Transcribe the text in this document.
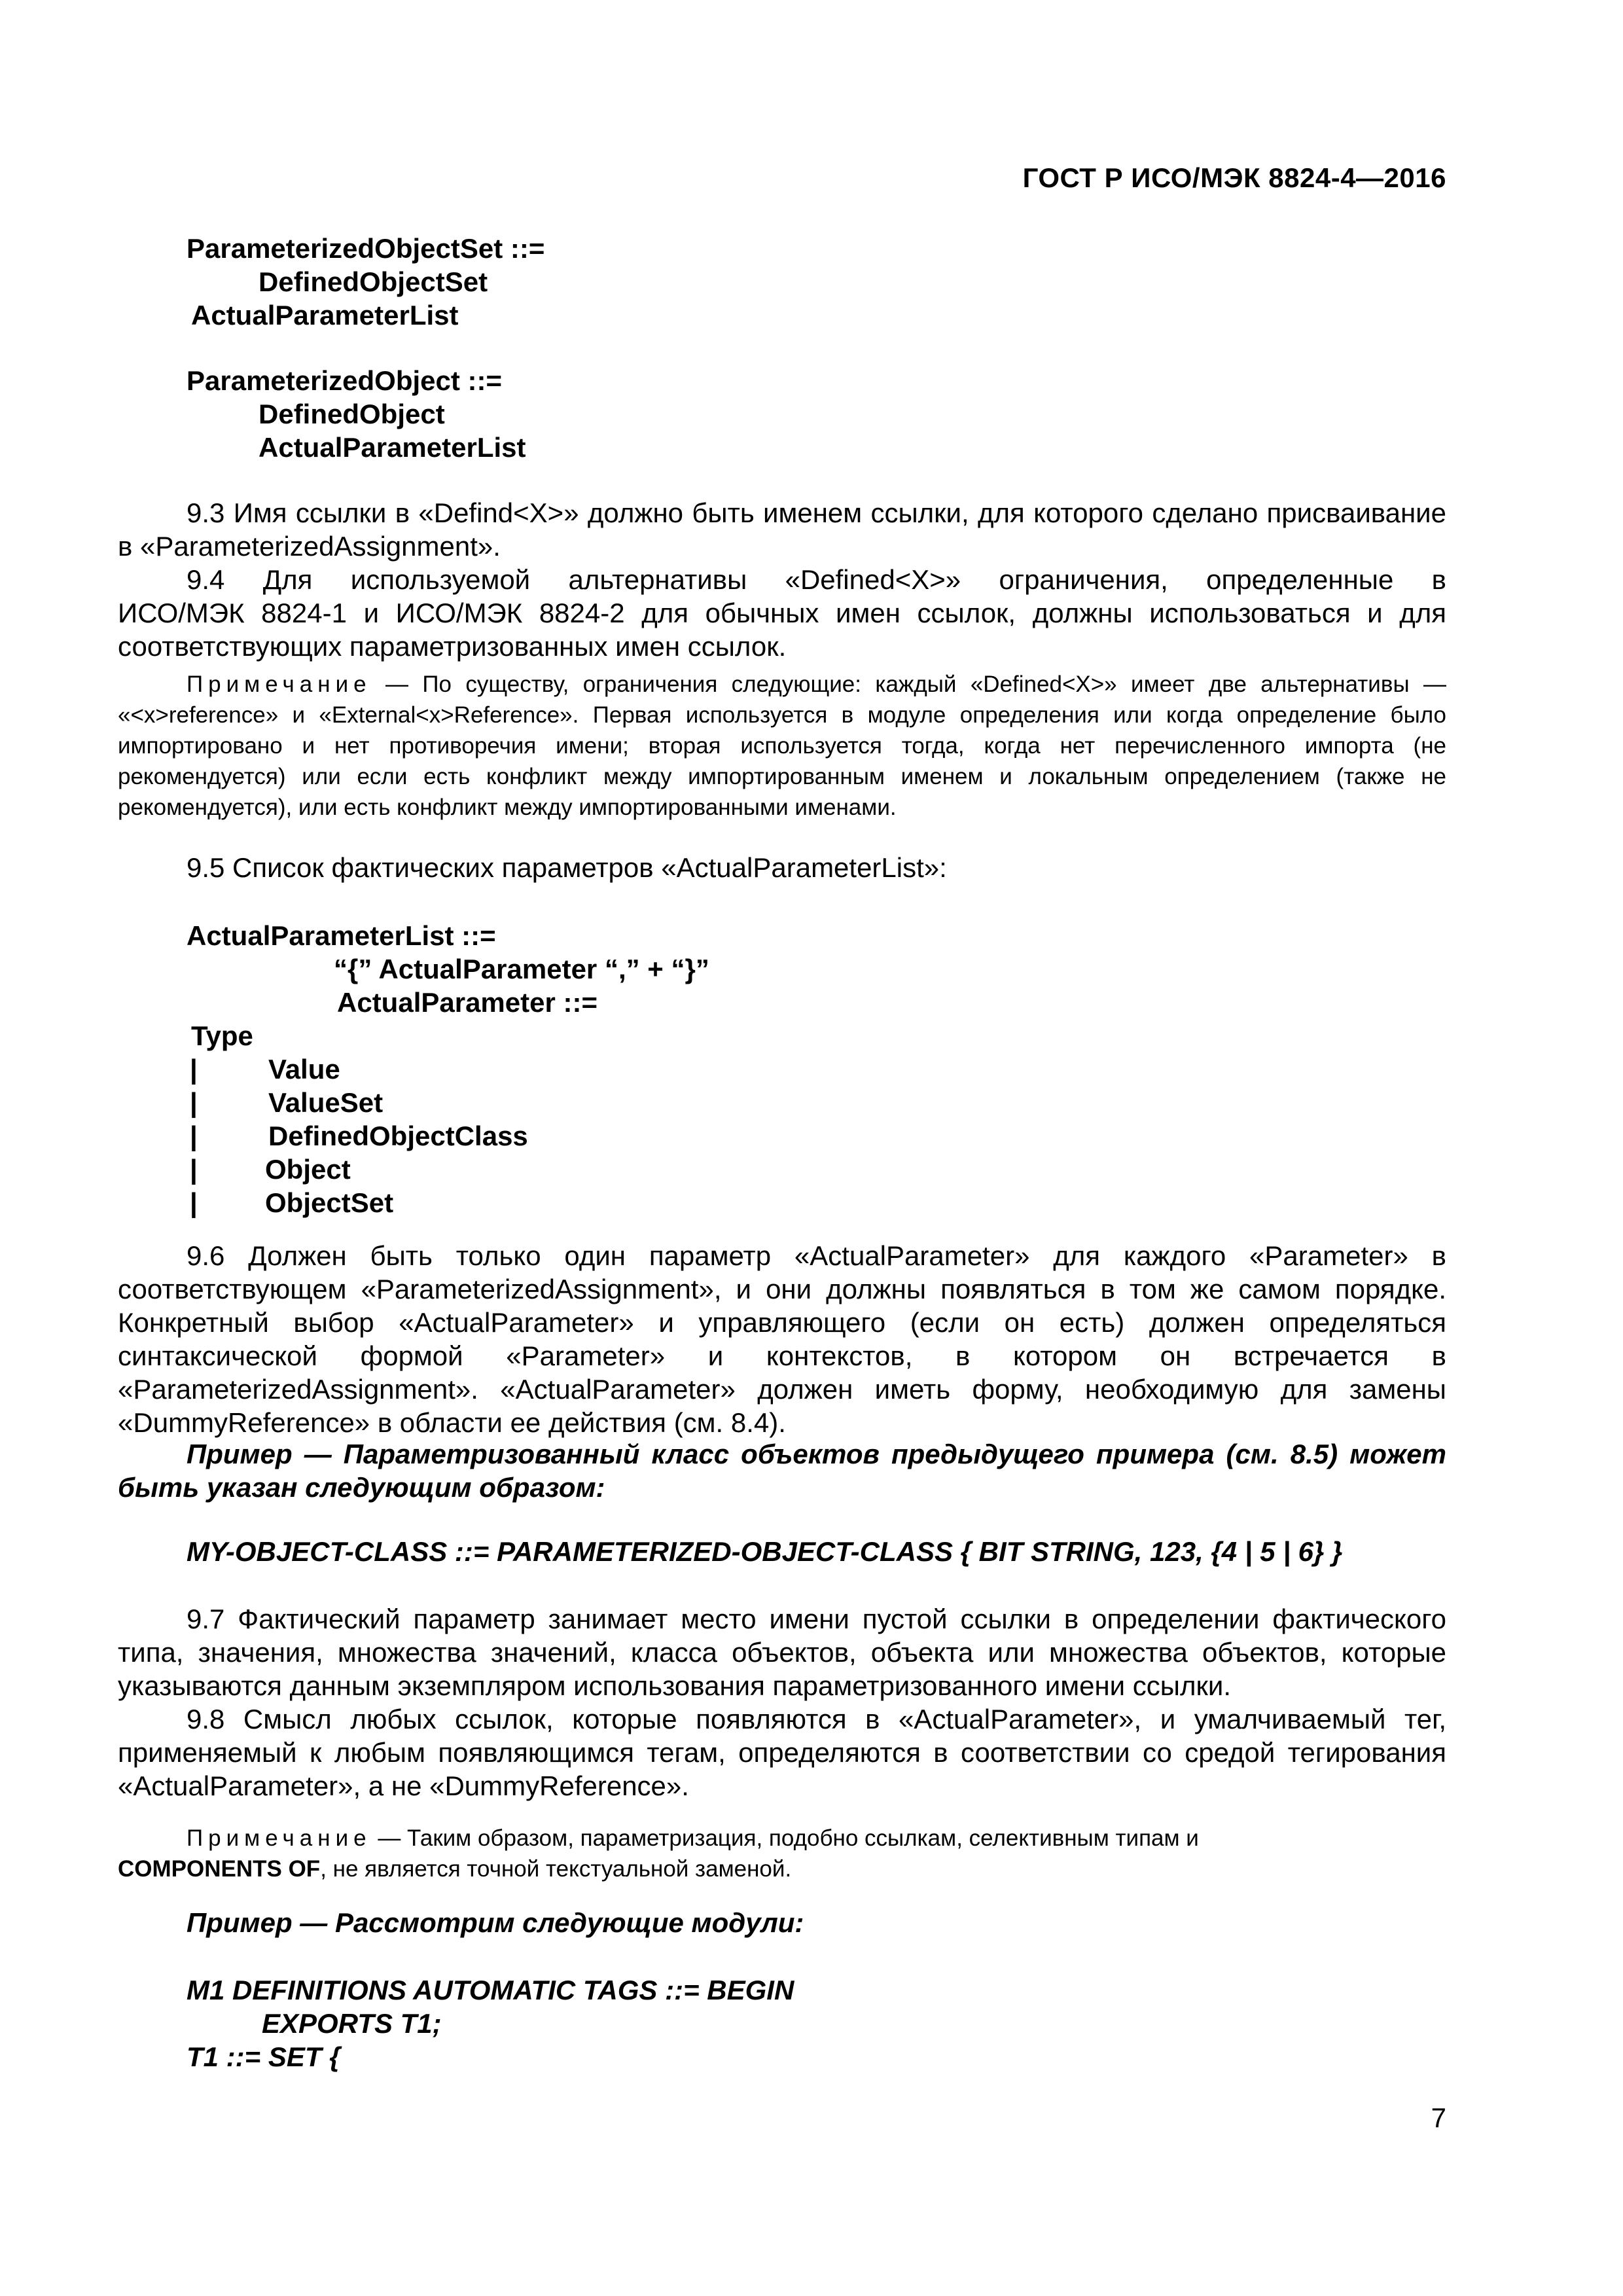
ГОСТ Р ИСО/МЭК 8824-4—2016
ParameterizedObjectSet ::=
DefinedObjectSet
ActualParameterList
ParameterizedObject ::=
DefinedObject
ActualParameterList

9.3 Имя ссылки в «Defind<X>» должно быть именем ссылки, для которого сделано присваивание в «ParameterizedAssignment».

9.4 Для используемой альтернативы «Defined<X>» ограничения, определенные в

ИСО/МЭК 8824-1 и ИСО/МЭК 8824-2 для обычных имен ссылок, должны использоваться и для соответствующих параметризованных имен ссылок.

Примечание — По существу, ограничения следующие: каждый «Defined<X>» имеет две альтернативы — «<x>reference» и «External<x>Reference». Первая используется в модуле определения или когда определение было импортировано и нет противоречия имени; вторая используется тогда, когда нет перечисленного импорта (не рекомендуется) или если есть конфликт между импортированным именем и локальным определением (также не рекомендуется), или есть конфликт между импортированными именами.

9.5 Список фактических параметров «ActualParameterList»:

ActualParameterList ::=
“{” ActualParameter “,” + “}”
ActualParameter ::=
Type
|	Value
|	ValueSet
|	DefinedObjectClass
| Object
| ObjectSet

9.6 Должен быть только один параметр «ActualParameter» для каждого «Parameter» в соответствующем «ParameterizedAssignment», и они должны появляться в том же самом порядке. Конкретный выбор «ActualParameter» и управляющего (если он есть) должен определяться синтаксической формой «Parameter» и контекстов, в котором он встречается в «ParameterizedAssignment». «ActualParameter» должен иметь форму, необходимую для замены «DummyReference» в области ее действия (см. 8.4).

Пример — Параметризованный класс объектов предыдущего примера (см. 8.5) может быть указан следующим образом:

MY-OBJECT-CLASS ::= PARAMETERIZED-OBJECT-CLASS { BIT STRING, 123, {4 | 5 | 6} }

9.7 Фактический параметр занимает место имени пустой ссылки в определении фактического типа, значения, множества значений, класса объектов, объекта или множества объектов, которые указываются данным экземпляром использования параметризованного имени ссылки.

9.8 Смысл любых ссылок, которые появляются в «ActualParameter», и умалчиваемый тег, применяемый к любым появляющимся тегам, определяются в соответствии со средой тегирования «ActualParameter», а не «DummyReference».

Примечание — Таким образом, параметризация, подобно ссылкам, селективным типам и
COMPONENTS OF, не является точной текстуальной заменой.

Пример — Рассмотрим следующие модули:

M1 DEFINITIONS AUTOMATIC TAGS ::= BEGIN
EXPORTS T1;
T1 ::= SET {
7
